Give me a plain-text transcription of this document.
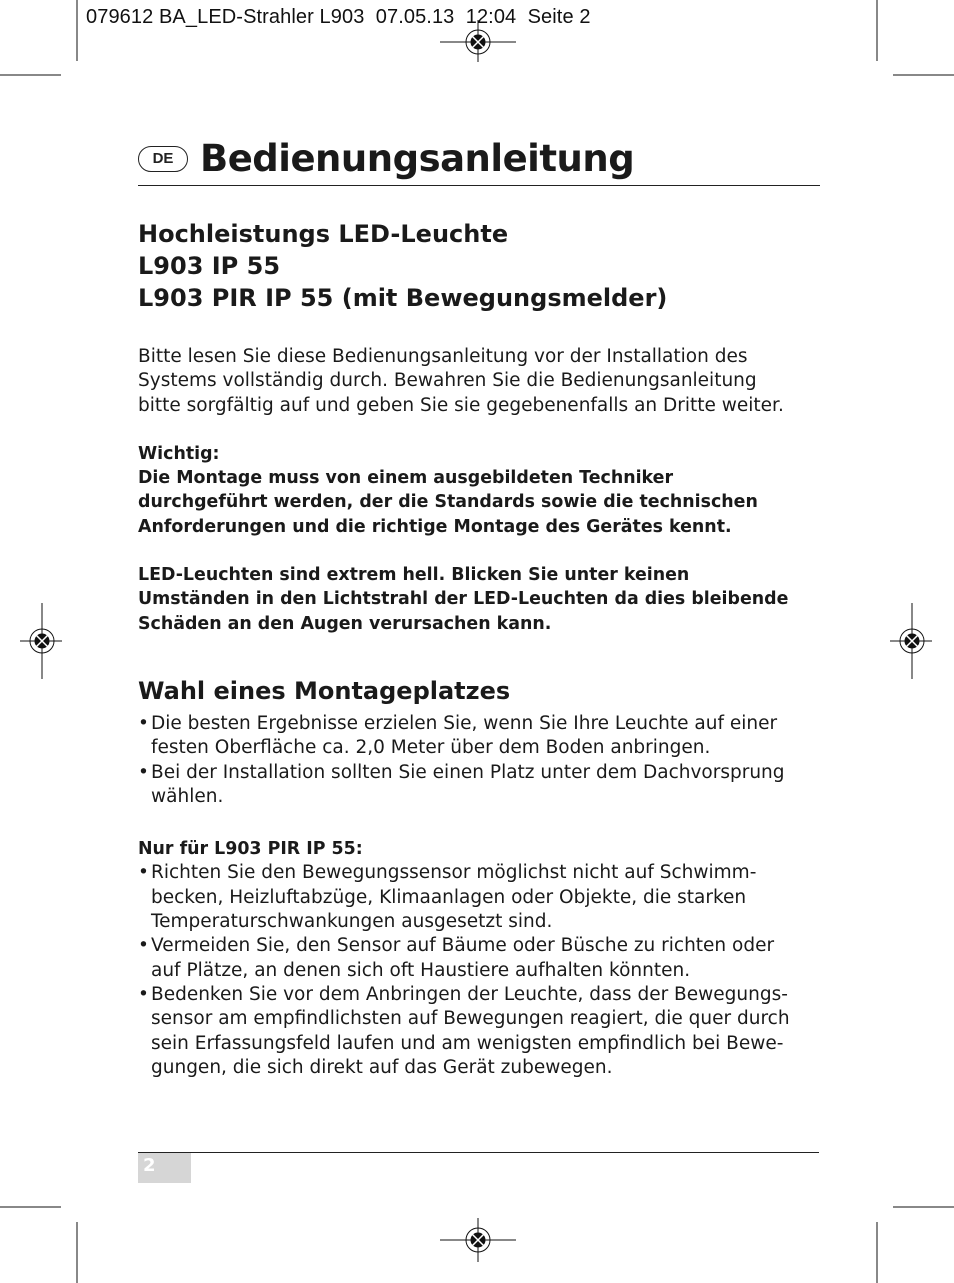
079612 BA_LED-Strahler L903  07.05.13  12:04  Seite 2
DE Bedienungsanleitung
Hochleistungs LED-Leuchte
L903 IP 55
L903 PIR IP 55 (mit Bewegungsmelder)

Bitte lesen Sie diese Bedienungsanleitung vor der Installation des
Systems vollständig durch. Bewahren Sie die Bedienungsanleitung
bitte sorgfältig auf und geben Sie sie gegebenenfalls an Dritte weiter.

Wichtig:
Die Montage muss von einem ausgebildeten Techniker
durchgeführt werden, der die Standards sowie die technischen
Anforderungen und die richtige Montage des Gerätes kennt.
LED-Leuchten sind extrem hell. Blicken Sie unter keinen
Umständen in den Lichtstrahl der LED-Leuchten da dies bleibende
Schäden an den Augen verursachen kann.
Wahl eines Montageplatzes
• Die besten Ergebnisse erzielen Sie, wenn Sie Ihre Leuchte auf einer
festen Oberfläche ca. 2,0 Meter über dem Boden anbringen.
• Bei der Installation sollten Sie einen Platz unter dem Dachvorsprung
wählen.
Nur für L903 PIR IP 55:
• Richten Sie den Bewegungssensor möglichst nicht auf Schwimm-
becken, Heizluftabzüge, Klimaanlagen oder Objekte, die starken
Temperaturschwankungen ausgesetzt sind.
• Vermeiden Sie, den Sensor auf Bäume oder Büsche zu richten oder
auf Plätze, an denen sich oft Haustiere aufhalten könnten.
• Bedenken Sie vor dem Anbringen der Leuchte, dass der Bewegungs-
sensor am empfindlichsten auf Bewegungen reagiert, die quer durch
sein Erfassungsfeld laufen und am wenigsten empfindlich bei Bewe-
gungen, die sich direkt auf das Gerät zubewegen.
2
